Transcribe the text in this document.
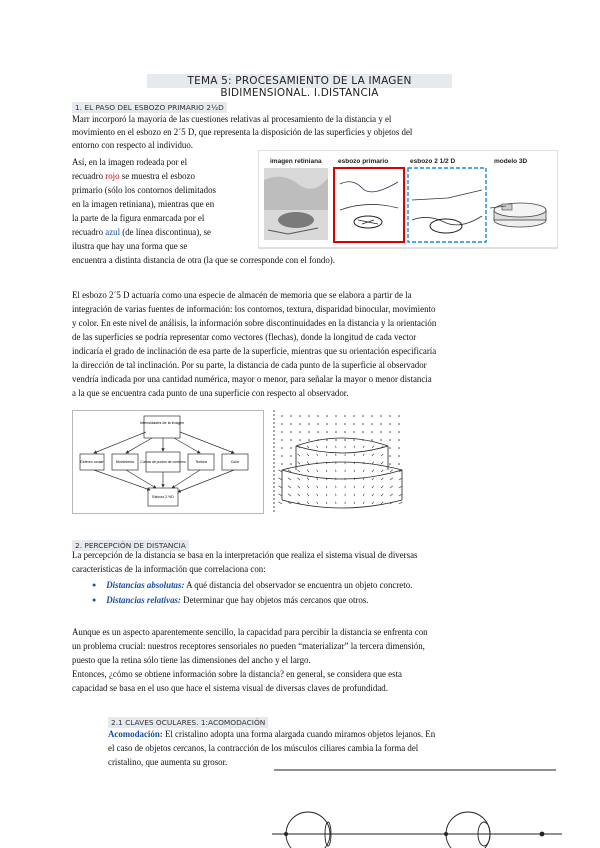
TEMA 5: PROCESAMIENTO DE LA IMAGEN BIDIMENSIONAL. I.DISTANCIA
1. EL PASO DEL ESBOZO PRIMARIO 2½D

Marr incorporó la mayoría de las cuestiones relativas al procesamiento de la distancia y el

movimiento en el esbozo en 2´5 D, que representa la disposición de las superficies y objetos del

entorno con respecto al individuo.

Así, en la imagen rodeada por el

recuadro rojo se muestra el esbozo

primario (sólo los contornos delimitados

en la imagen retiniana), mientras que en

la parte de la figura enmarcada por el

recuadro azul (de línea discontinua), se

ilustra que hay una forma que se

encuentra a distinta distancia de otra (la que se corresponde con el fondo).

imagen retiniana	esbozo primario	esbozo 2 1/2 D	modelo 3D

El esbozo 2´5 D actuaría como una especie de almacén de memoria que se elabora a partir de la

integración de varias fuentes de información: los contornos, textura, disparidad binocular, movimiento

y color. En este nivel de análisis, la información sobre discontinuidades en la distancia y la orientación

de las superficies se podría representar como vectores (flechas), donde la longitud de cada vector

indicaría el grado de inclinación de esa parte de la superficie, mientras que su orientación especificaría

la dirección de tal inclinación. Por su parte, la distancia de cada punto de la superficie al observador

vendría indicada por una cantidad numérica, mayor o menor, para señalar la mayor o menor distancia

a la que se encuentra cada punto de una superficie con respecto al observador.

Intensidades de la imagen
Estéreo ocular	Movimiento Curvas de puntos de contorno	Textura	Color
Esbozo 2 ½D
2. PERCEPCIÓN DE DISTANCIA

La percepción de la distancia se basa en la interpretación que realiza el sistema visual de diversas

características de la información que correlaciona con:

● Distancias absolutas: A qué distancia del observador se encuentra un objeto concreto.
● Distancias relativas: Determinar que hay objetos más cercanos que otros.

Aunque es un aspecto aparentemente sencillo, la capacidad para percibir la distancia se enfrenta con

un problema crucial: nuestros receptores sensoriales no pueden “materializar” la tercera dimensión,

puesto que la retina sólo tiene las dimensiones del ancho y el largo.

Entonces, ¿cómo se obtiene información sobre la distancia? en general, se considera que esta

capacidad se basa en el uso que hace el sistema visual de diversas claves de profundidad.

2.1 CLAVES OCULARES. 1:ACOMODACIÓN

Acomodación: El cristalino adopta una forma alargada cuando miramos objetos lejanos. En

el caso de objetos cercanos, la contracción de los músculos ciliares cambia la forma del

cristalino, que aumenta su grosor.
